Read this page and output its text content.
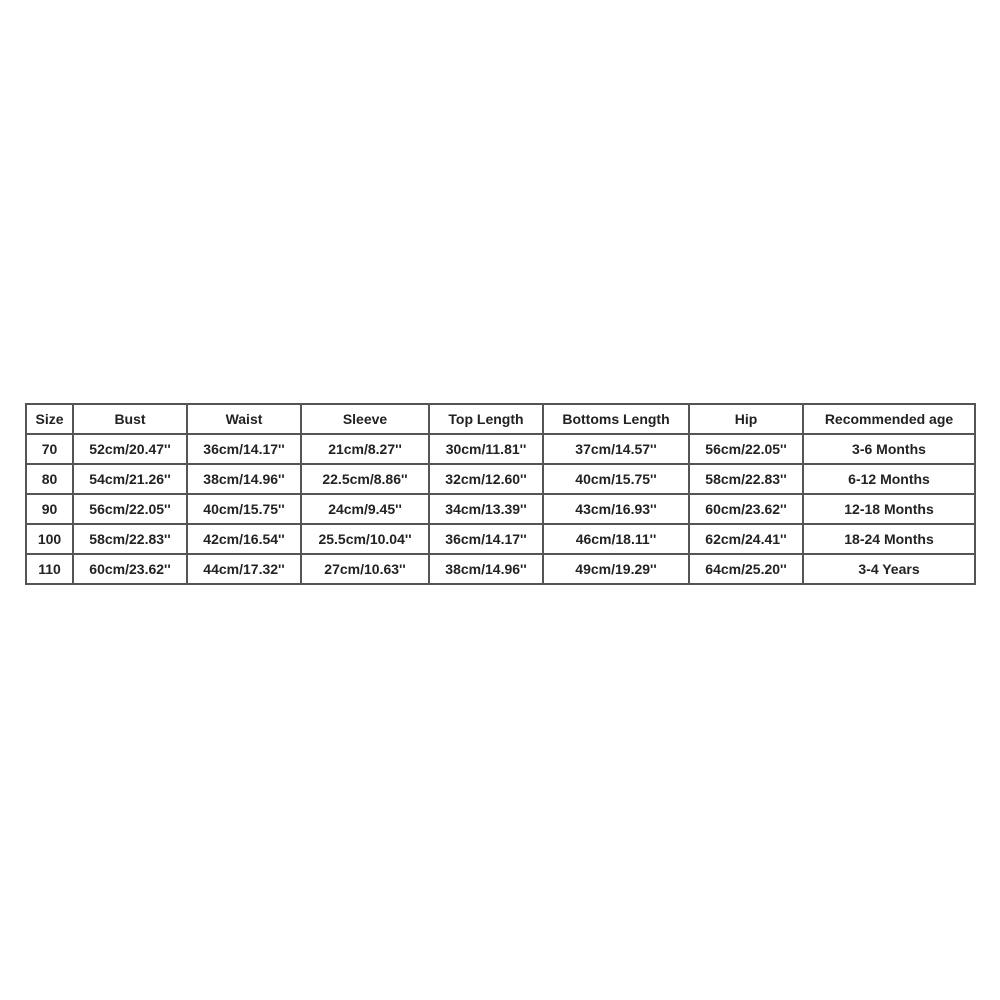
Size	Bust	Waist	Sleeve	Top Length	Bottoms Length	Hip	Recommended age
70	52cm/20.47''	36cm/14.17''	21cm/8.27''	30cm/11.81''	37cm/14.57''	56cm/22.05''	3-6 Months
80	54cm/21.26''	38cm/14.96''	22.5cm/8.86''	32cm/12.60''	40cm/15.75''	58cm/22.83''	6-12 Months
90	56cm/22.05''	40cm/15.75''	24cm/9.45''	34cm/13.39''	43cm/16.93''	60cm/23.62''	12-18 Months
100	58cm/22.83''	42cm/16.54''	25.5cm/10.04''	36cm/14.17''	46cm/18.11''	62cm/24.41''	18-24 Months
110	60cm/23.62''	44cm/17.32''	27cm/10.63''	38cm/14.96''	49cm/19.29''	64cm/25.20''	3-4 Years
